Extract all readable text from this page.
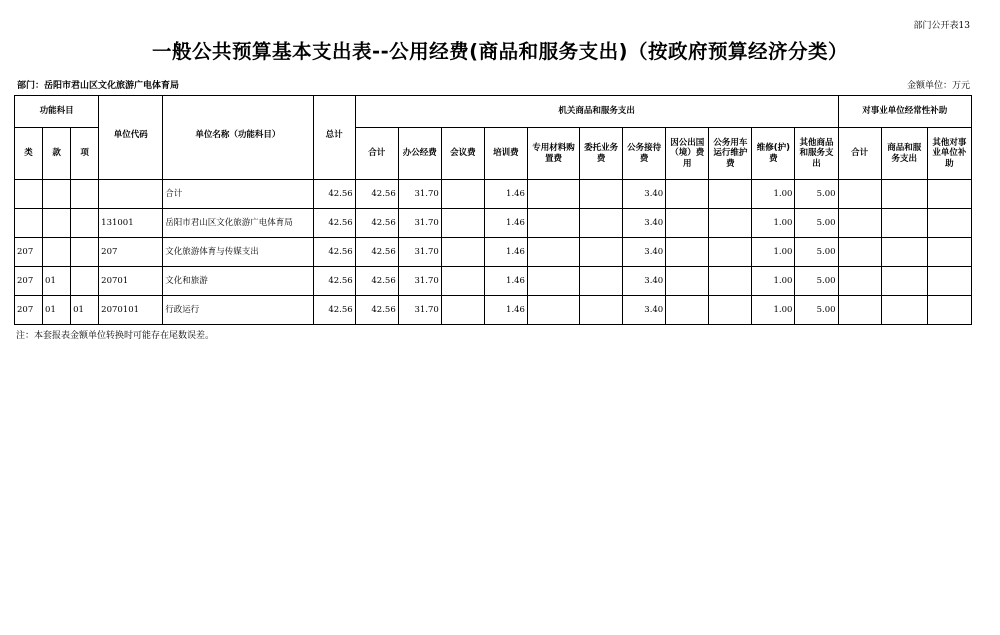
部门公开表13
一般公共预算基本支出表--公用经费(商品和服务支出)（按政府预算经济分类）
部门：岳阳市君山区文化旅游广电体育局	金额单位：万元
功能科目			单位代码	单位名称（功能科目）	总计	机关商品和服务支出											对事业单位经常性补助		
类	款	项				合计	办公经费	会议费	培训费	专用材料购置费	委托业务费	公务接待费	因公出国（境）费用	公务用车运行维护费	维修(护)费	其他商品和服务支出	合计	商品和服务支出	其他对事业单位补助
				合计	42.56	42.56	31.70		1.46			3.40			1.00	5.00			
			131001	岳阳市君山区文化旅游广电体育局	42.56	42.56	31.70		1.46			3.40			1.00	5.00			
207			207	文化旅游体育与传媒支出	42.56	42.56	31.70		1.46			3.40			1.00	5.00			
207	01		20701	文化和旅游	42.56	42.56	31.70		1.46			3.40			1.00	5.00			
207	01	01	2070101	行政运行	42.56	42.56	31.70		1.46			3.40			1.00	5.00			
注：本套报表金额单位转换时可能存在尾数误差。
